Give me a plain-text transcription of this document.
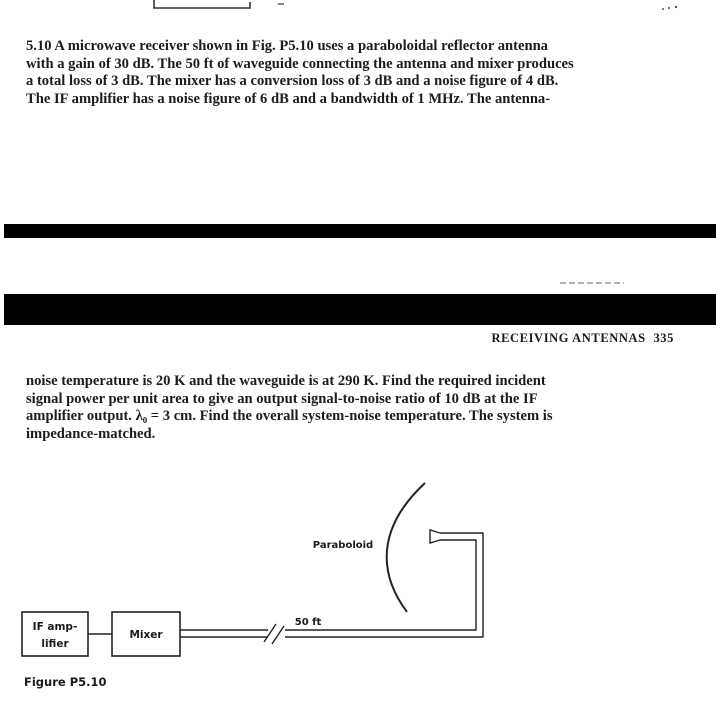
5.10 A microwave receiver shown in Fig. P5.10 uses a paraboloidal reflector antenna
with a gain of 30 dB. The 50 ft of waveguide connecting the antenna and mixer produces
a total loss of 3 dB. The mixer has a conversion loss of 3 dB and a noise figure of 4 dB.
The IF amplifier has a noise figure of 6 dB and a bandwidth of 1 MHz. The antenna-
RECEIVING ANTENNAS 335
noise temperature is 20 K and the waveguide is at 290 K. Find the required incident
signal power per unit area to give an output signal-to-noise ratio of 10 dB at the IF
amplifier output. λ₀ = 3 cm. Find the overall system-noise temperature. The system is
impedance-matched.
IF amp-
lifier
Mixer
50 ft
Paraboloid
Figure P5.10
